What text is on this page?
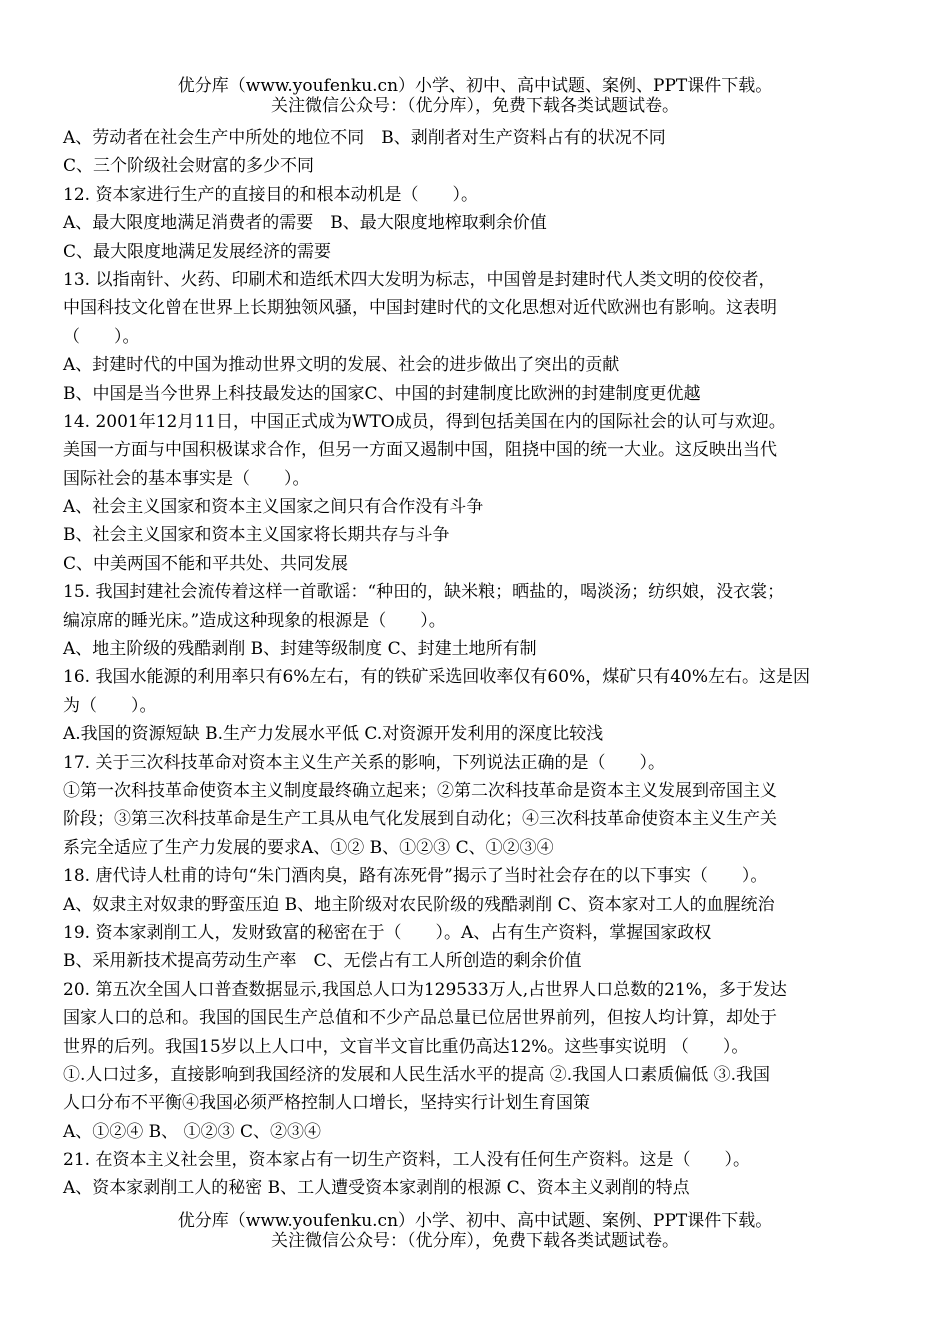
优分库（www.youfenku.cn）小学、初中、高中试题、案例、PPT课件下载。
关注微信公众号：（优分库），免费下载各类试题试卷。
A、劳动者在社会生产中所处的地位不同　B、剥削者对生产资料占有的状况不同
C、三个阶级社会财富的多少不同
12. 资本家进行生产的直接目的和根本动机是（　　）。
A、最大限度地满足消费者的需要　B、最大限度地榨取剩余价值
C、最大限度地满足发展经济的需要
13. 以指南针、火药、印刷术和造纸术四大发明为标志，中国曾是封建时代人类文明的佼佼者，
中国科技文化曾在世界上长期独领风骚，中国封建时代的文化思想对近代欧洲也有影响。这表明
（　　）。
A、封建时代的中国为推动世界文明的发展、社会的进步做出了突出的贡献
B、中国是当今世界上科技最发达的国家C、中国的封建制度比欧洲的封建制度更优越
14. 2001年12月11日，中国正式成为WTO成员，得到包括美国在内的国际社会的认可与欢迎。
美国一方面与中国积极谋求合作，但另一方面又遏制中国，阻挠中国的统一大业。这反映出当代
国际社会的基本事实是（　　）。
A、社会主义国家和资本主义国家之间只有合作没有斗争
B、社会主义国家和资本主义国家将长期共存与斗争
C、中美两国不能和平共处、共同发展
15. 我国封建社会流传着这样一首歌谣：“种田的，缺米粮；晒盐的，喝淡汤；纺织娘，没衣裳；
编凉席的睡光床。”造成这种现象的根源是（　　）。
A、地主阶级的残酷剥削 B、封建等级制度 C、封建土地所有制
16. 我国水能源的利用率只有6%左右，有的铁矿采选回收率仅有60%，煤矿只有40%左右。这是因
为（　　）。
A.我国的资源短缺 B.生产力发展水平低 C.对资源开发利用的深度比较浅
17. 关于三次科技革命对资本主义生产关系的影响，下列说法正确的是（　　）。
①第一次科技革命使资本主义制度最终确立起来；②第二次科技革命是资本主义发展到帝国主义
阶段；③第三次科技革命是生产工具从电气化发展到自动化；④三次科技革命使资本主义生产关
系完全适应了生产力发展的要求A、①② B、①②③ C、①②③④
18. 唐代诗人杜甫的诗句“朱门酒肉臭，路有冻死骨”揭示了当时社会存在的以下事实（　　）。
A、奴隶主对奴隶的野蛮压迫 B、地主阶级对农民阶级的残酷剥削 C、资本家对工人的血腥统治
19. 资本家剥削工人，发财致富的秘密在于（　　）。A、占有生产资料，掌握国家政权
B、采用新技术提高劳动生产率　C、无偿占有工人所创造的剩余价值
20. 第五次全国人口普查数据显示,我国总人口为129533万人,占世界人口总数的21%，多于发达
国家人口的总和。我国的国民生产总值和不少产品总量已位居世界前列，但按人均计算，却处于
世界的后列。我国15岁以上人口中，文盲半文盲比重仍高达12%。这些事实说明 （　　）。
①.人口过多，直接影响到我国经济的发展和人民生活水平的提高 ②.我国人口素质偏低 ③.我国
人口分布不平衡④我国必须严格控制人口增长，坚持实行计划生育国策
A、①②④ B、 ①②③ C、②③④
21. 在资本主义社会里，资本家占有一切生产资料，工人没有任何生产资料。这是（　　）。
A、资本家剥削工人的秘密 B、工人遭受资本家剥削的根源 C、资本主义剥削的特点
优分库（www.youfenku.cn）小学、初中、高中试题、案例、PPT课件下载。
关注微信公众号：（优分库），免费下载各类试题试卷。
